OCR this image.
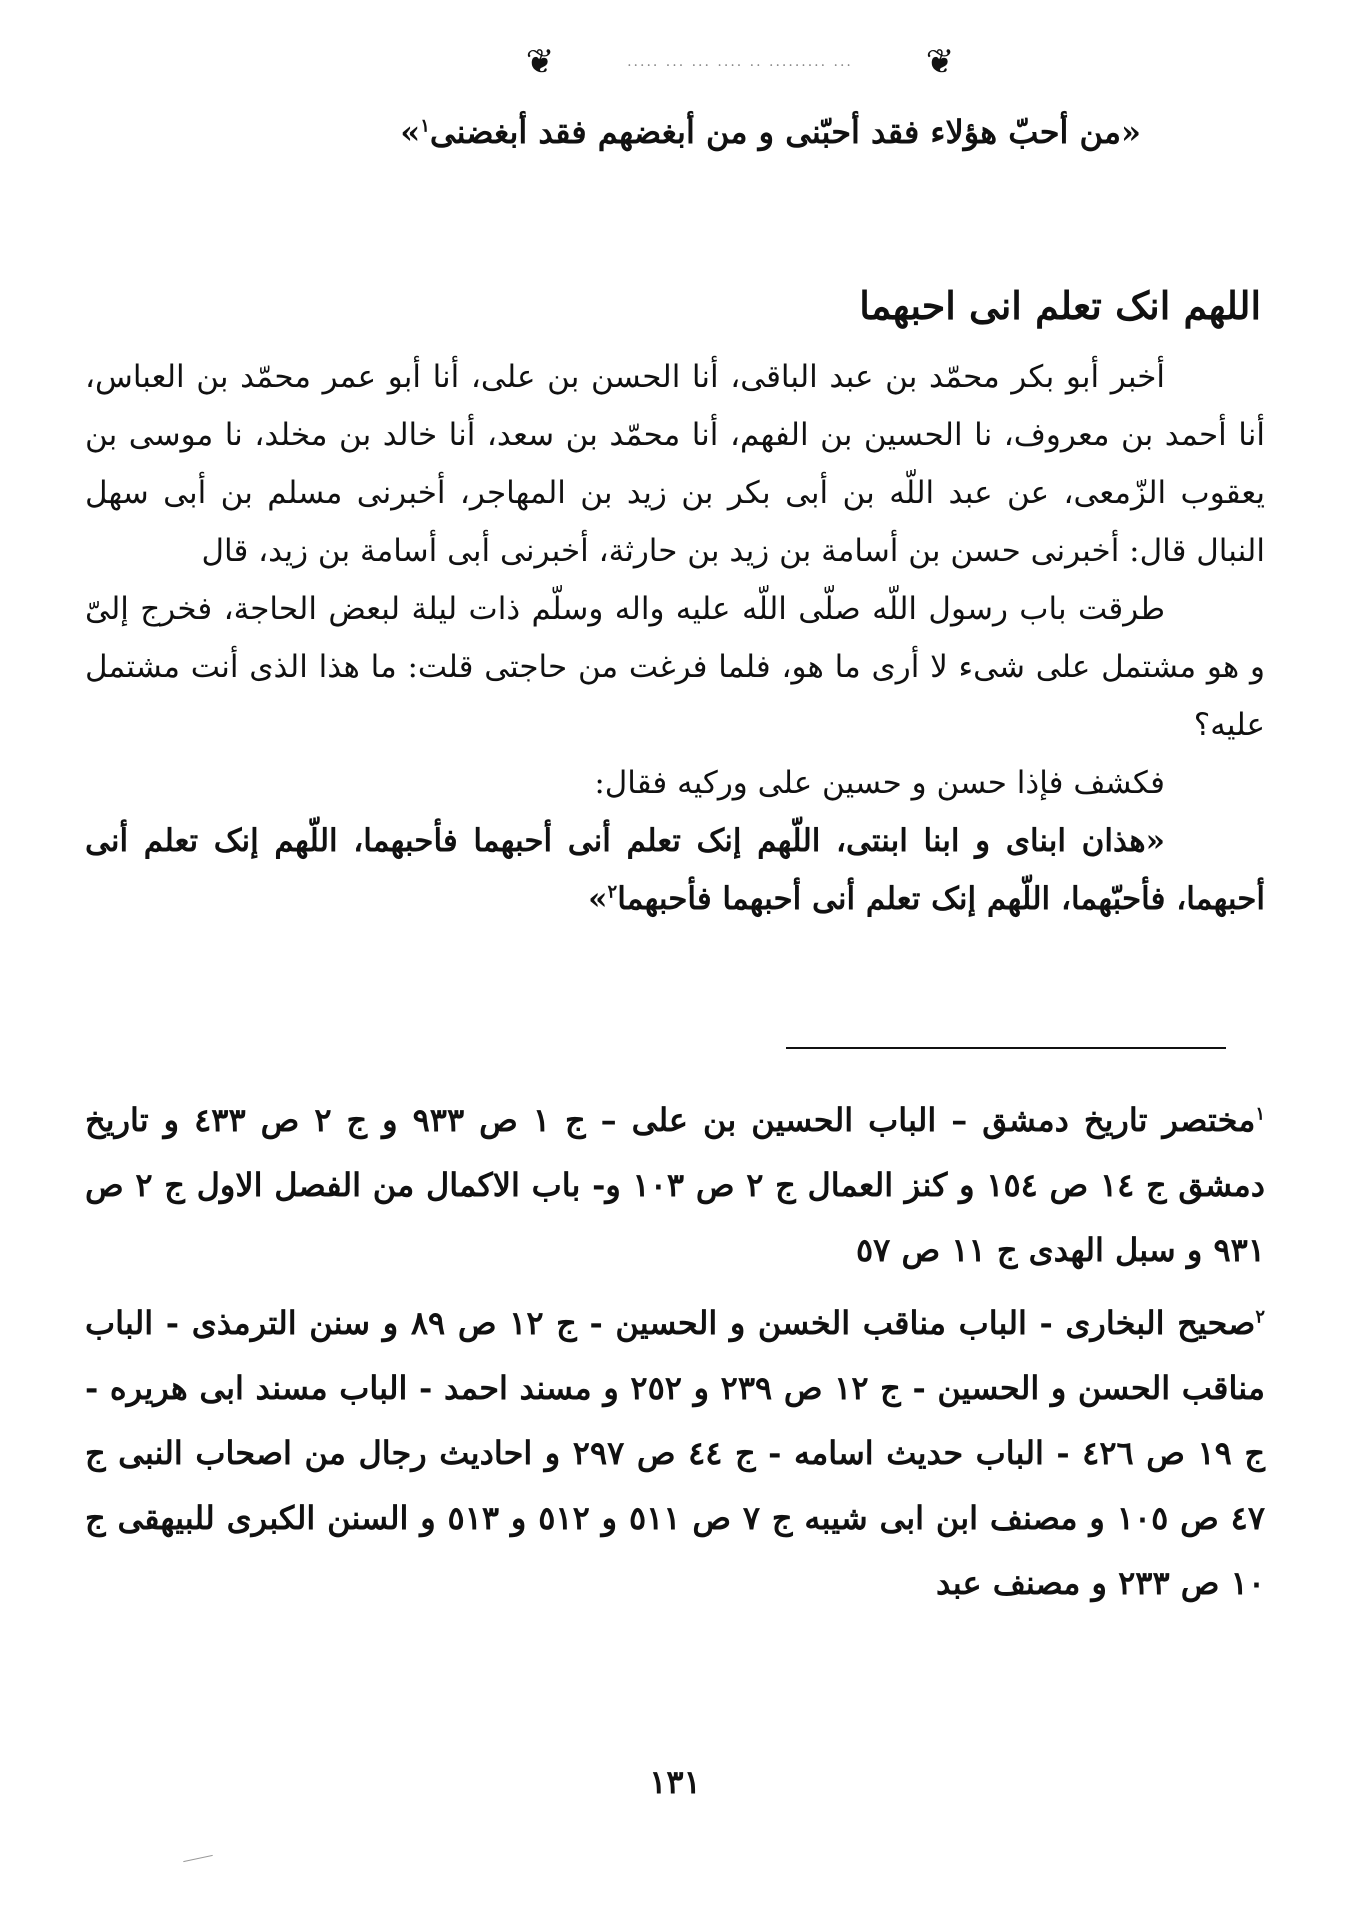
❦	... ......... .. .... ... ... .....	❦
«من أحبّ هؤلاء فقد أحبّنى و من أبغضهم فقد أبغضنى$^١$»
اللهم انک تعلم انی احبهما

أخبر أبو بكر محمّد بن عبد الباقى، أنا الحسن بن على، أنا أبو عمر محمّد بن العباس، أنا أحمد بن معروف، نا الحسين بن الفهم، أنا محمّد بن سعد، أنا خالد بن مخلد، نا موسى بن يعقوب الزّمعى، عن عبد اللّه بن أبى بكر بن زيد بن المهاجر، أخبرنى مسلم بن أبى سهل النبال قال: أخبرنى حسن بن أسامة بن زيد بن حارثة، أخبرنى أبى أسامة بن زيد، قال

طرقت باب رسول اللّه صلّى اللّه عليه واله وسلّم ذات ليلة لبعض الحاجة، فخرج إلىّ و هو مشتمل على شىء لا أرى ما هو، فلما فرغت من حاجتى قلت: ما هذا الذى أنت مشتمل عليه؟

فكشف فإذا حسن و حسين على وركيه فقال:

«هذان ابناى و ابنا ابنتى، اللّهم إنک تعلم أنى أحبهما فأحبهما، اللّهم إنک تعلم أنى أحبهما، فأحبّهما، اللّهم إنک تعلم أنى أحبهما فأحبهما$^٢$»

$^١$مختصر تاريخ دمشق – الباب الحسين بن على – ج ١ ص ٩٣٣ و ج ٢ ص ٤٣٣ و تاريخ دمشق ج ١٤ ص ١٥٤ و كنز العمال ج ٢ ص ١٠٣ و- باب الاكمال من الفصل الاول ج ٢ ص ٩٣١ و سبل الهدى ج ١١ ص ٥٧

$^٢$صحيح البخارى - الباب مناقب الخسن و الحسين - ج ١٢ ص ٨٩ و سنن الترمذى - الباب مناقب الحسن و الحسين - ج ١٢ ص ٢٣٩ و ٢٥٢ و مسند احمد - الباب مسند ابى هريره - ج ١٩ ص ٤٢٦ - الباب حديث اسامه - ج ٤٤ ص ٢٩٧ و احاديث رجال من اصحاب النبى ج ٤٧ ص ١٠٥ و مصنف ابن ابى شيبه ج ٧ ص ٥١١ و ٥١٢ و ٥١٣ و السنن الكبرى للبيهقى ج ١٠ ص ٢٣٣ و مصنف عبد

١٣١
